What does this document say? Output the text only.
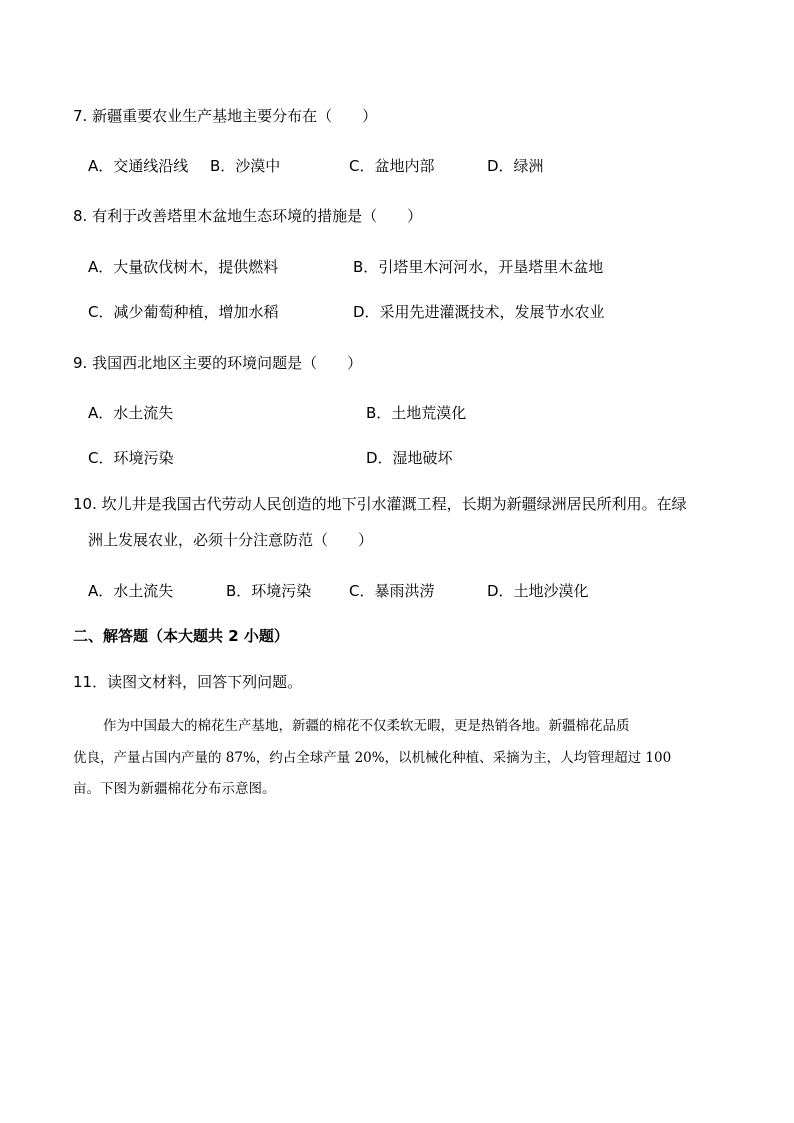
7. 新疆重要农业生产基地主要分布在（　　）
A．交通线沿线 B．沙漠中	C．盆地内部	D．绿洲
8. 有利于改善塔里木盆地生态环境的措施是（　　）
A．大量砍伐树木，提供燃料	B．引塔里木河河水，开垦塔里木盆地
C．减少葡萄种植，增加水稻	D．采用先进灌溉技术，发展节水农业
9. 我国西北地区主要的环境问题是（　　）
A．水土流失	B．土地荒漠化
C．环境污染	D．湿地破坏
10. 坎儿井是我国古代劳动人民创造的地下引水灌溉工程，长期为新疆绿洲居民所利用。在绿
洲上发展农业，必须十分注意防范（　　）
A．水土流失	B．环境污染	C．暴雨洪涝	D．土地沙漠化
二、解答题（本大题共 2 小题）
11．读图文材料，回答下列问题。
作为中国最大的棉花生产基地，新疆的棉花不仅柔软无暇，更是热销各地。新疆棉花品质
优良，产量占国内产量的 87%，约占全球产量 20%，以机械化种植、采摘为主，人均管理超过 100
亩。下图为新疆棉花分布示意图。
